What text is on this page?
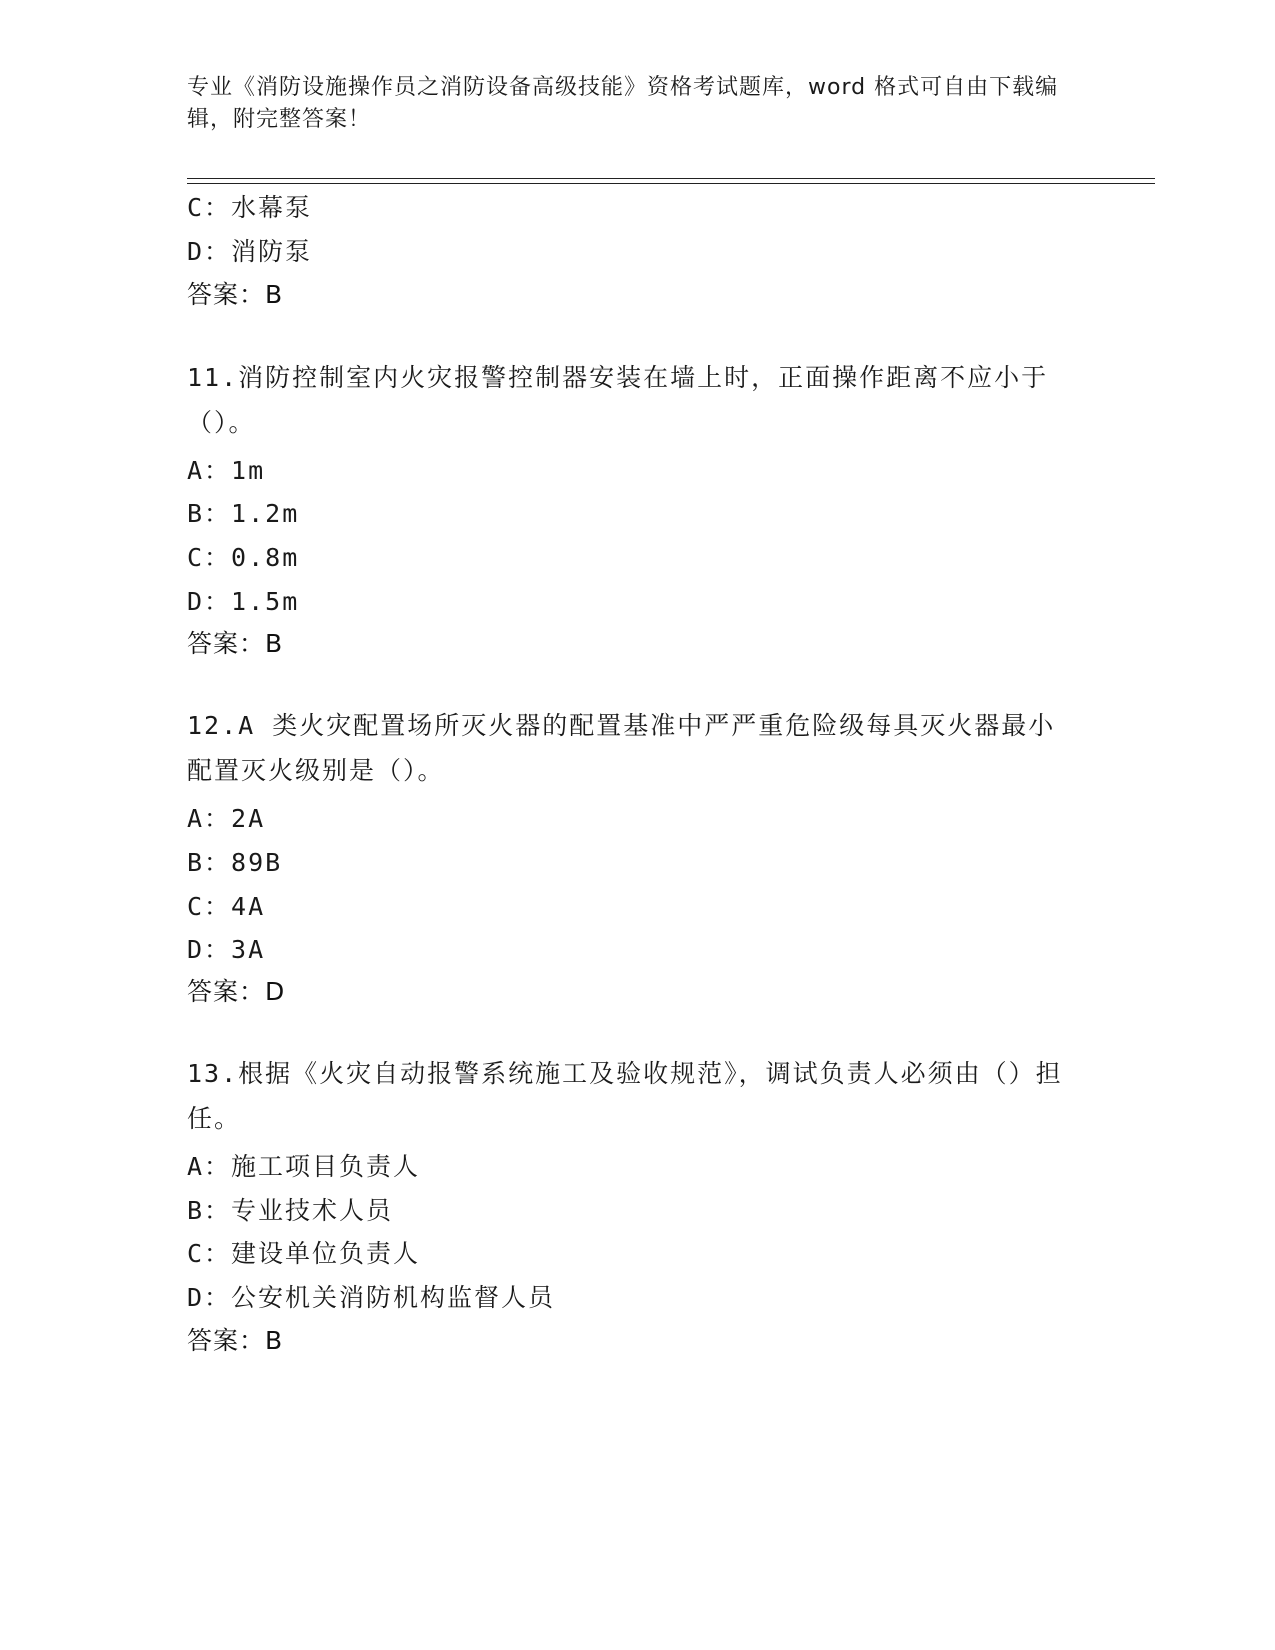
专业《消防设施操作员之消防设备高级技能》资格考试题库，word 格式可自由下载编辑，附完整答案！
C：水幕泵
D：消防泵
答案：B
11.消防控制室内火灾报警控制器安装在墙上时，正面操作距离不应小于（）。
A：1m
B：1.2m
C：0.8m
D：1.5m
答案：B
12.A 类火灾配置场所灭火器的配置基准中严严重危险级每具灭火器最小配置灭火级别是（）。
A：2A
B：89B
C：4A
D：3A
答案：D
13.根据《火灾自动报警系统施工及验收规范》，调试负责人必须由（）担任。
A：施工项目负责人
B：专业技术人员
C：建设单位负责人
D：公安机关消防机构监督人员
答案：B
